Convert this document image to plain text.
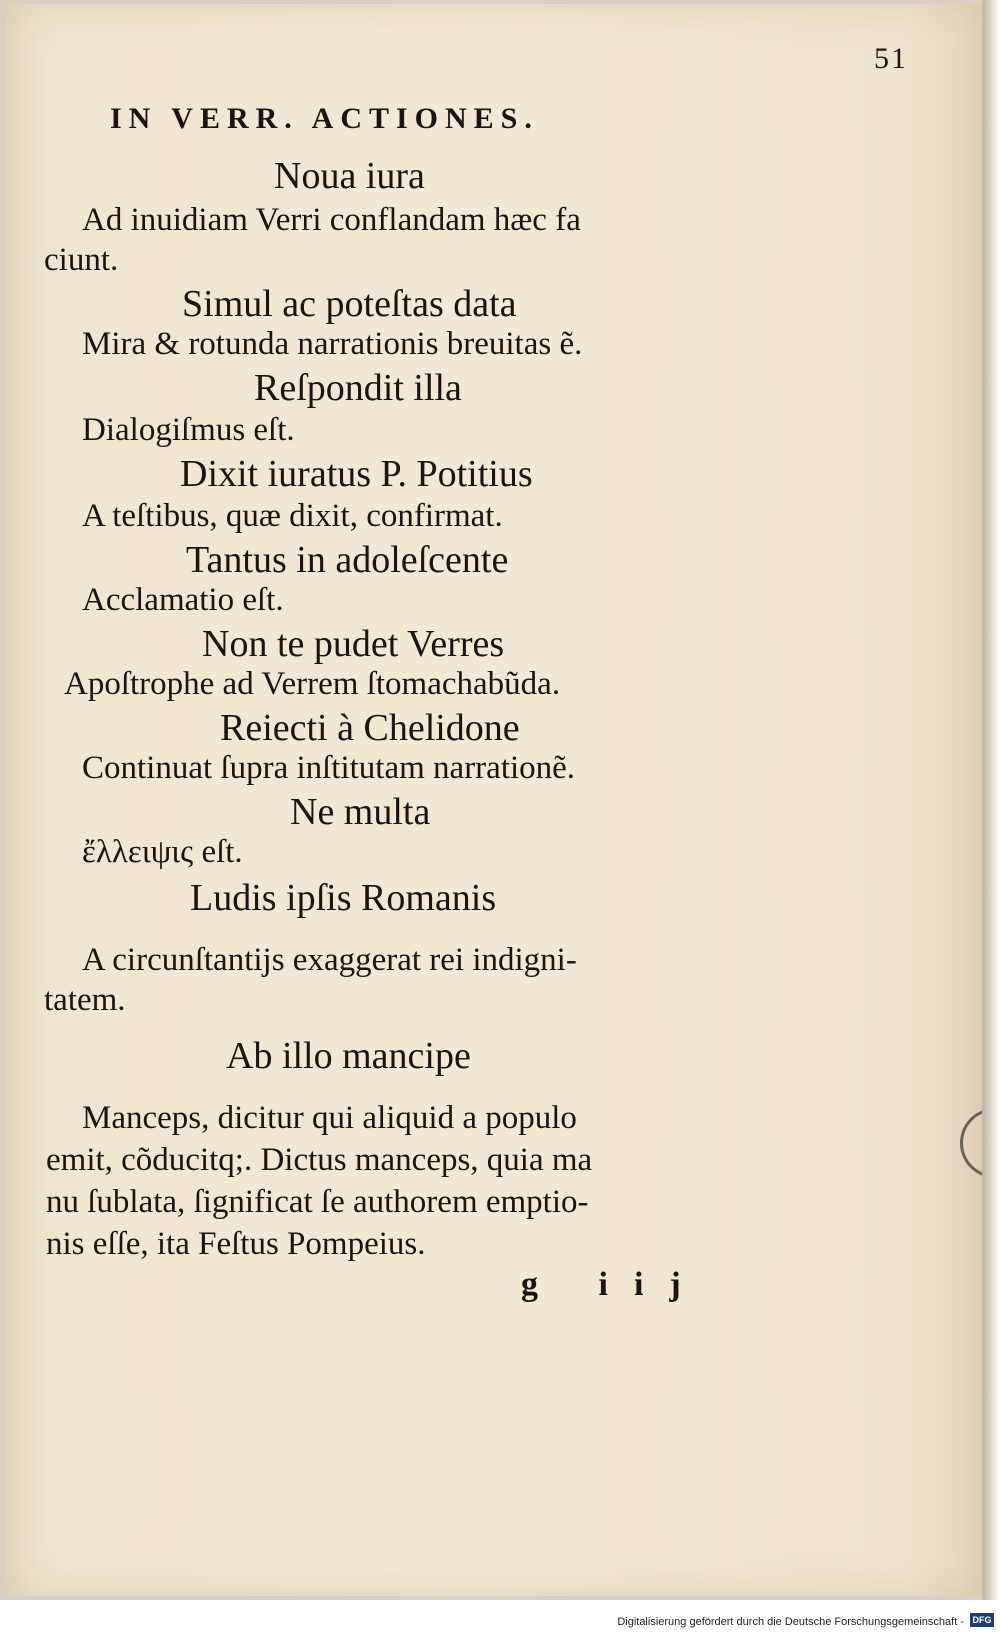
51
IN VERR. ACTIONES.
Noua iura
Ad inuidiam Verri conflandam hæc fa
ciunt.
Simul ac poteſtas data
Mira & rotunda narrationis breuitas ẽ.
Reſpondit illa
Dialogiſmus eſt.
Dixit iuratus P. Potitius
A teſtibus, quæ dixit, confirmat.
Tantus in adoleſcente
Acclamatio eſt.
Non te pudet Verres
Apoſtrophe ad Verrem ſtomachabũda.
Reiecti à Chelidone
Continuat ſupra inſtitutam narrationẽ.
Ne multa
ἔλλειψις eſt.
Ludis ipſis Romanis
A circunſtantijs exaggerat rei indigni-
tatem.
Ab illo mancipe
Manceps, dicitur qui aliquid a populo
emit, cõducitq;. Dictus manceps, quia ma
nu ſublata, ſignificat ſe authorem emptio-
nis eſſe, ita Feſtus Pompeius.
g iij
Digitalisierung gefördert durch die Deutsche Forschungsgemeinschaft - DFG
